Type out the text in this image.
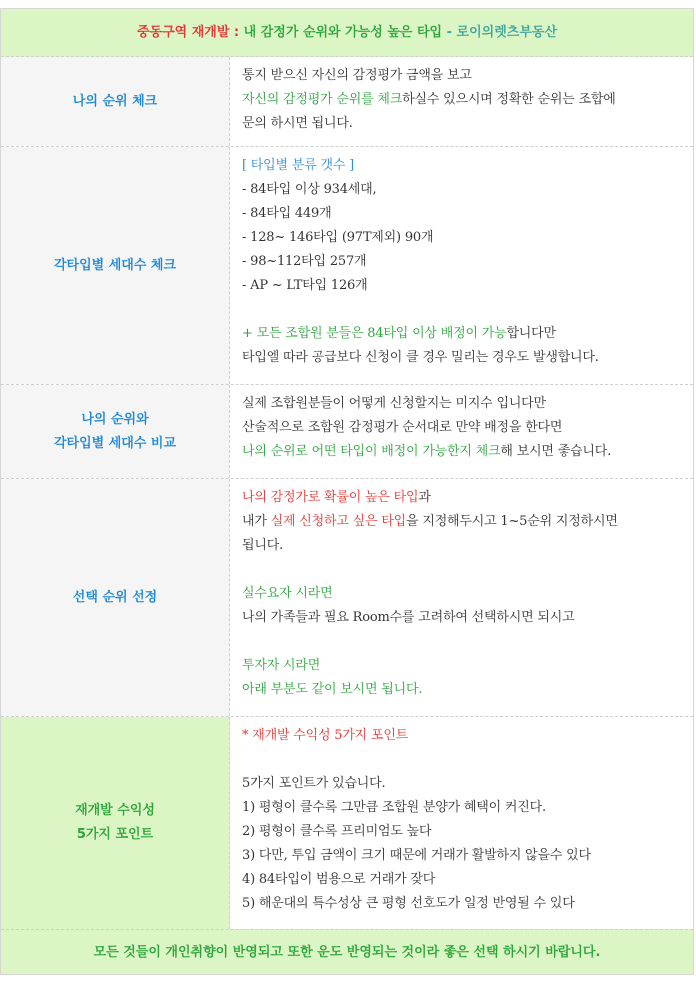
중동구역 재개발 : 내 감정가 순위와 가능성 높은 타입 - 로이의렛츠부동산
나의 순위 체크
통지 받으신 자신의 감정평가 금액을 보고
자신의 감정평가 순위를 체크하실수 있으시며 정확한 순위는 조합에
문의 하시면 됩니다.
각타입별 세대수 체크
[ 타입별 분류 갯수 ]
- 84타입 이상 934세대,
- 84타입 449개
- 128~ 146타입 (97T제외) 90개
- 98~112타입 257개
- AP ~ LT타입 126개
+ 모든 조합원 분들은 84타입 이상 배정이 가능합니다만
타입엘 따라 공급보다 신청이 클 경우 밀리는 경우도 발생합니다.
나의 순위와
각타입별 세대수 비교
실제 조합원분들이 어떻게 신청할지는 미지수 입니다만
산술적으로 조합원 감정평가 순서대로 만약 배정을 한다면
나의 순위로 어떤 타입이 배정이 가능한지 체크해 보시면 좋습니다.
선택 순위 선정
나의 감정가로 확률이 높은 타입과
내가 실제 신청하고 싶은 타입을 지정해두시고 1~5순위 지정하시면
됩니다.
실수요자 시라면
나의 가족들과 필요 Room수를 고려하여 선택하시면 되시고
투자자 시라면
아래 부분도 같이 보시면 됩니다.
재개발 수익성
5가지 포인트
* 재개발 수익성 5가지 포인트
5가지 포인트가 있습니다.
1) 평형이 클수록 그만큼 조합원 분양가 혜택이 커진다.
2) 평형이 클수록 프리미엄도 높다
3) 다만, 투입 금액이 크기 때문에 거래가 활발하지 않을수 있다
4) 84타입이 범용으로 거래가 잦다
5) 해운대의 특수성상 큰 평형 선호도가 일정 반영될 수 있다
모든 것들이 개인취향이 반영되고 또한 운도 반영되는 것이라 좋은 선택 하시기 바랍니다.
